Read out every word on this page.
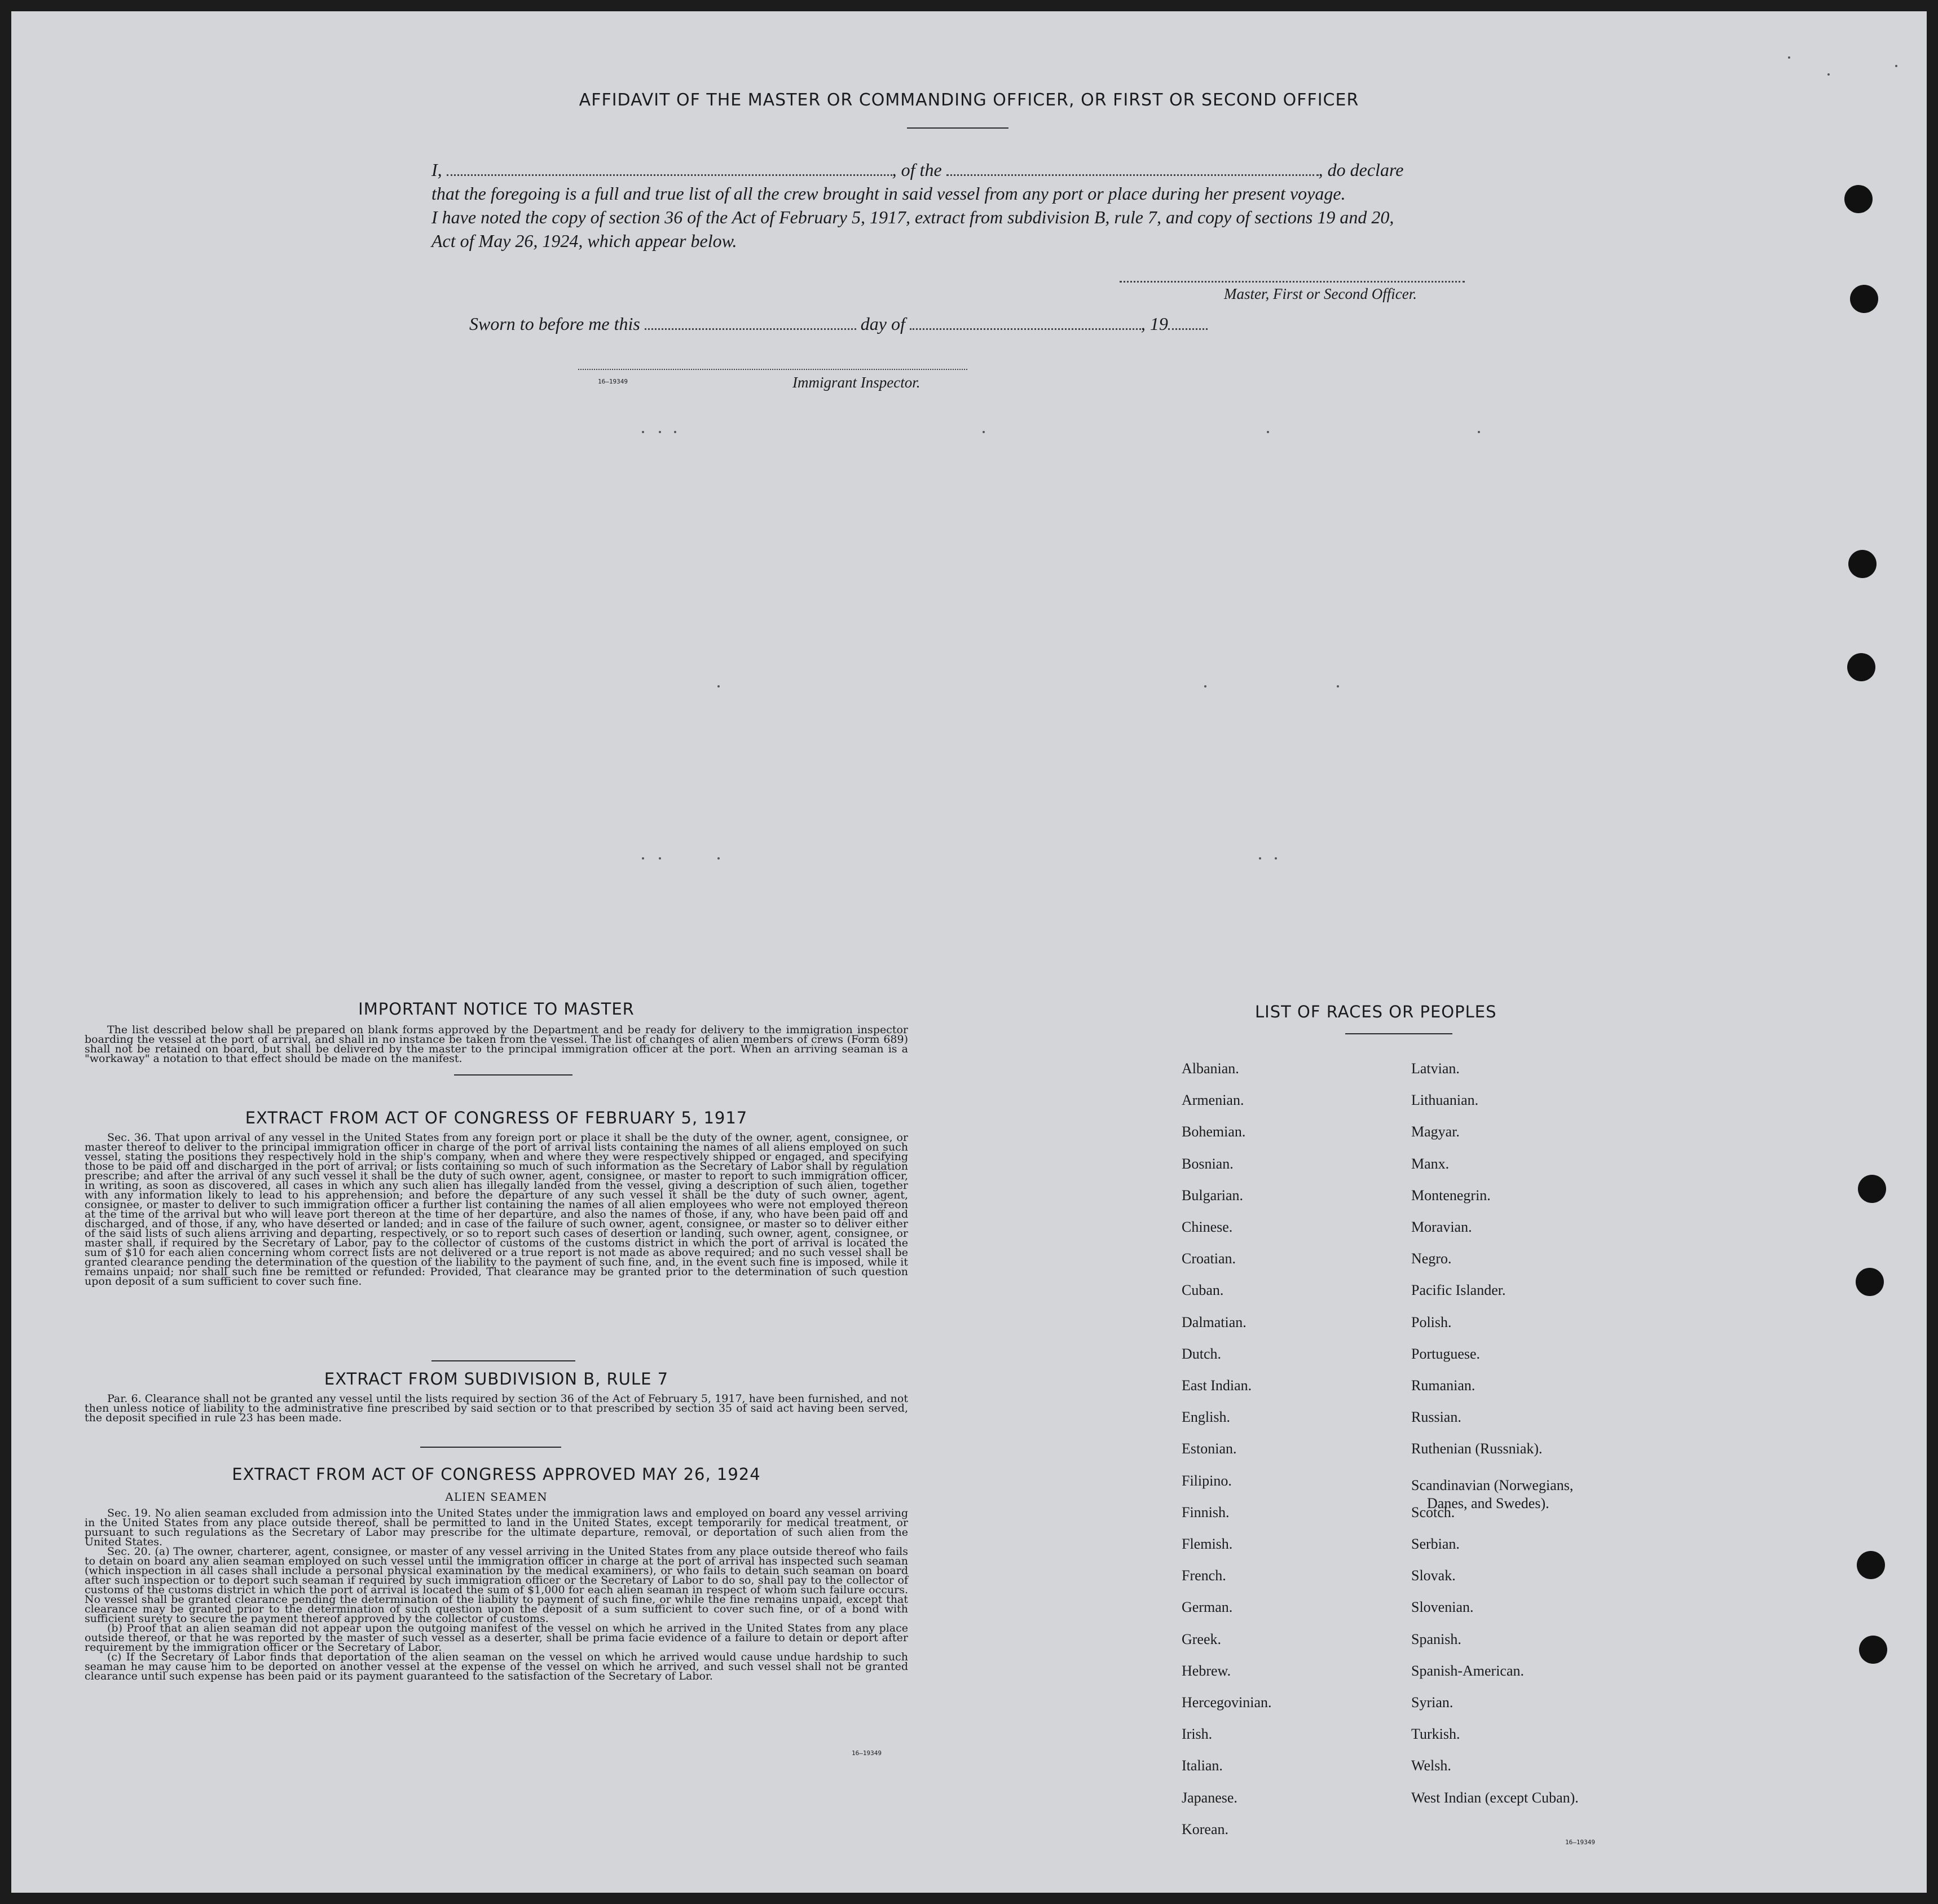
AFFIDAVIT OF THE MASTER OR COMMANDING OFFICER, OR FIRST OR SECOND OFFICER
I,	, of the	, do declare
that the foregoing is a full and true list of all the crew brought in said vessel from any port or place during her present voyage.
I have noted the copy of section 36 of the Act of February 5, 1917, extract from subdivision B, rule 7, and copy of sections 19 and 20,
Act of May 26, 1924, which appear below.
Master, First or Second Officer.
Sworn to before me this	day of	, 19
16—19349	Immigrant Inspector.
IMPORTANT NOTICE TO MASTER

The list described below shall be prepared on blank forms approved by the Department and be ready for delivery to the immigration inspector boarding the vessel at the port of arrival, and shall in no instance be taken from the vessel. The list of changes of alien members of crews (Form 689) shall not be retained on board, but shall be delivered by the master to the principal immigration officer at the port. When an arriving seaman is a "workaway" a notation to that effect should be made on the manifest.

EXTRACT FROM ACT OF CONGRESS OF FEBRUARY 5, 1917

Sec. 36. That upon arrival of any vessel in the United States from any foreign port or place it shall be the duty of the owner, agent, consignee, or master thereof to deliver to the principal immigration officer in charge of the port of arrival lists containing the names of all aliens employed on such vessel, stating the positions they respectively hold in the ship's company, when and where they were respectively shipped or engaged, and specifying those to be paid off and discharged in the port of arrival; or lists containing so much of such information as the Secretary of Labor shall by regulation prescribe; and after the arrival of any such vessel it shall be the duty of such owner, agent, consignee, or master to report to such immigration officer, in writing, as soon as discovered, all cases in which any such alien has illegally landed from the vessel, giving a description of such alien, together with any information likely to lead to his apprehension; and before the departure of any such vessel it shall be the duty of such owner, agent, consignee, or master to deliver to such immigration officer a further list containing the names of all alien employees who were not employed thereon at the time of the arrival but who will leave port thereon at the time of her departure, and also the names of those, if any, who have been paid off and discharged, and of those, if any, who have deserted or landed; and in case of the failure of such owner, agent, consignee, or master so to deliver either of the said lists of such aliens arriving and departing, respectively, or so to report such cases of desertion or landing, such owner, agent, consignee, or master shall, if required by the Secretary of Labor, pay to the collector of customs of the customs district in which the port of arrival is located the sum of $10 for each alien concerning whom correct lists are not delivered or a true report is not made as above required; and no such vessel shall be granted clearance pending the determination of the question of the liability to the payment of such fine, and, in the event such fine is imposed, while it remains unpaid; nor shall such fine be remitted or refunded: Provided, That clearance may be granted prior to the determination of such question upon deposit of a sum sufficient to cover such fine.

EXTRACT FROM SUBDIVISION B, RULE 7

Par. 6. Clearance shall not be granted any vessel until the lists required by section 36 of the Act of February 5, 1917, have been furnished, and not then unless notice of liability to the administrative fine prescribed by said section or to that prescribed by section 35 of said act having been served, the deposit specified in rule 23 has been made.

EXTRACT FROM ACT OF CONGRESS APPROVED MAY 26, 1924
ALIEN SEAMEN

Sec. 19. No alien seaman excluded from admission into the United States under the immigration laws and employed on board any vessel arriving in the United States from any place outside thereof, shall be permitted to land in the United States, except temporarily for medical treatment, or pursuant to such regulations as the Secretary of Labor may prescribe for the ultimate departure, removal, or deportation of such alien from the United States.

Sec. 20. (a) The owner, charterer, agent, consignee, or master of any vessel arriving in the United States from any place outside thereof who fails to detain on board any alien seaman employed on such vessel until the immigration officer in charge at the port of arrival has inspected such seaman (which inspection in all cases shall include a personal physical examination by the medical examiners), or who fails to detain such seaman on board after such inspection or to deport such seaman if required by such immigration officer or the Secretary of Labor to do so, shall pay to the collector of customs of the customs district in which the port of arrival is located the sum of $1,000 for each alien seaman in respect of whom such failure occurs. No vessel shall be granted clearance pending the determination of the liability to payment of such fine, or while the fine remains unpaid, except that clearance may be granted prior to the determination of such question upon the deposit of a sum sufficient to cover such fine, or of a bond with sufficient surety to secure the payment thereof approved by the collector of customs.

(b) Proof that an alien seaman did not appear upon the outgoing manifest of the vessel on which he arrived in the United States from any place outside thereof, or that he was reported by the master of such vessel as a deserter, shall be prima facie evidence of a failure to detain or deport after requirement by the immigration officer or the Secretary of Labor.

(c) If the Secretary of Labor finds that deportation of the alien seaman on the vessel on which he arrived would cause undue hardship to such seaman he may cause him to be deported on another vessel at the expense of the vessel on which he arrived, and such vessel shall not be granted clearance until such expense has been paid or its payment guaranteed to the satisfaction of the Secretary of Labor.

16—19349
LIST OF RACES OR PEOPLES
16—19349
Albanian.
Armenian.
Bohemian.
Bosnian.
Bulgarian.
Chinese.
Croatian.
Cuban.
Dalmatian.
Dutch.
East Indian.
English.
Estonian.
Filipino.
Finnish.
Flemish.
French.
German.
Greek.
Hebrew.
Hercegovinian.
Irish.
Italian.
Japanese.
Korean.
Latvian.
Lithuanian.
Magyar.
Manx.
Montenegrin.
Moravian.
Negro.
Pacific Islander.
Polish.
Portuguese.
Rumanian.
Russian.
Ruthenian (Russniak).
Scandinavian (Norwegians,
Danes, and Swedes).
Scotch.
Serbian.
Slovak.
Slovenian.
Spanish.
Spanish-American.
Syrian.
Turkish.
Welsh.
West Indian (except Cuban).
